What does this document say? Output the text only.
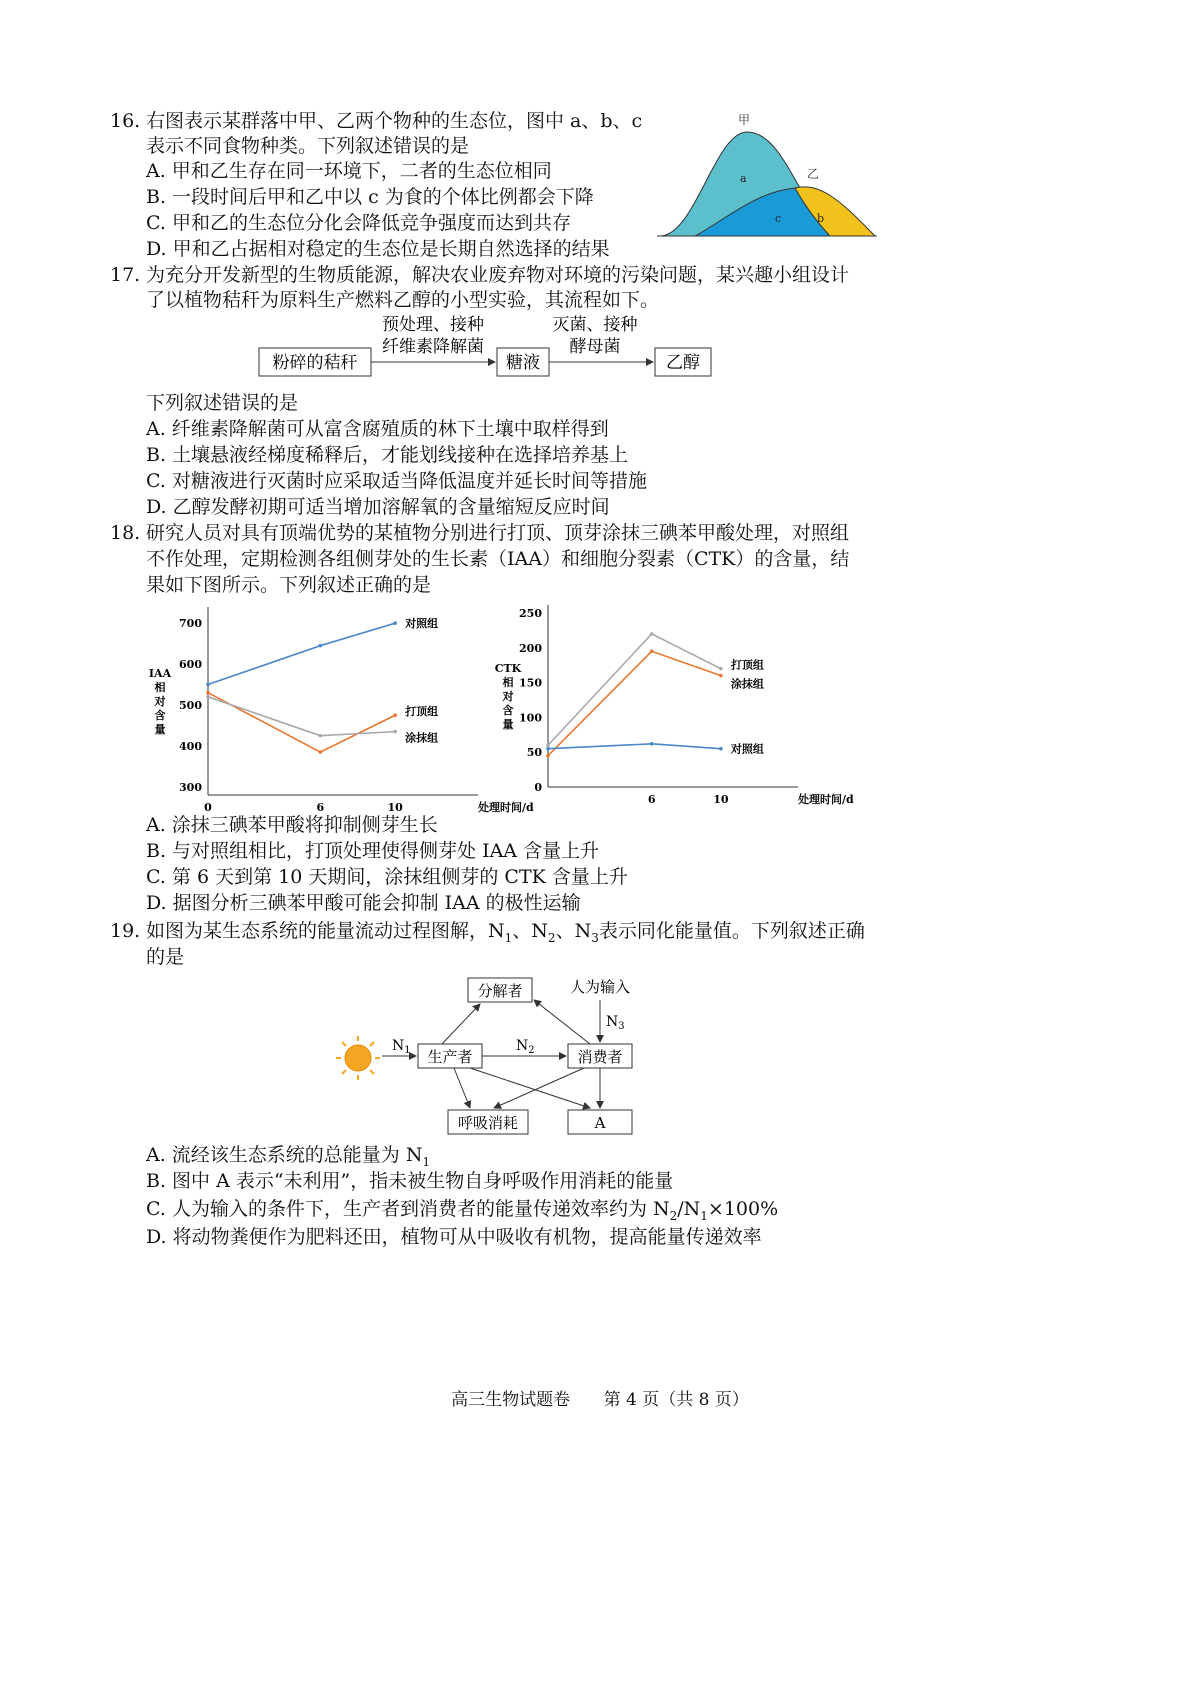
16. 右图表示某群落中甲、乙两个物种的生态位，图中 a、b、c
表示不同食物种类。下列叙述错误的是
A. 甲和乙生存在同一环境下，二者的生态位相同
B. 一段时间后甲和乙中以 c 为食的个体比例都会下降
C. 甲和乙的生态位分化会降低竞争强度而达到共存
D. 甲和乙占据相对稳定的生态位是长期自然选择的结果
甲
乙
a
c	b
17. 为充分开发新型的生物质能源，解决农业废弃物对环境的污染问题，某兴趣小组设计
了以植物秸秆为原料生产燃料乙醇的小型实验，其流程如下。
粉碎的秸秆
预处理、接种
纤维素降解菌
糖液
灭菌、接种
酵母菌
乙醇
下列叙述错误的是
A. 纤维素降解菌可从富含腐殖质的林下土壤中取样得到
B. 土壤悬液经梯度稀释后，才能划线接种在选择培养基上
C. 对糖液进行灭菌时应采取适当降低温度并延长时间等措施
D. 乙醇发酵初期可适当增加溶解氧的含量缩短反应时间
18. 研究人员对具有顶端优势的某植物分别进行打顶、顶芽涂抹三碘苯甲酸处理，对照组
不作处理，定期检测各组侧芽处的生长素（IAA）和细胞分裂素（CTK）的含量，结
果如下图所示。下列叙述正确的是
300
400
500
600
700
0	6	10	处理时间/d
IAA 相对含量
对照组
打顶组
涂抹组
0
50
100
150
200
250
6	10	处理时间/d
CTK 相对含量
打顶组
涂抹组
对照组
A. 涂抹三碘苯甲酸将抑制侧芽生长
B. 与对照组相比，打顶处理使得侧芽处 IAA 含量上升
C. 第 6 天到第 10 天期间，涂抹组侧芽的 CTK 含量上升
D. 据图分析三碘苯甲酸可能会抑制 IAA 的极性运输
19. 如图为某生态系统的能量流动过程图解，$N_1$、$N_2$、$N_3$表示同化能量值。下列叙述正确
的是
分解者	人为输入
生产者	消费者
呼吸消耗	A
$N_1$	$N_2$
$N_3$
A. 流经该生态系统的总能量为 $N_1$
B. 图中 A 表示“未利用”，指未被生物自身呼吸作用消耗的能量
C. 人为输入的条件下，生产者到消费者的能量传递效率约为 $N_2/N_1\times 100\%$
D. 将动物粪便作为肥料还田，植物可从中吸收有机物，提高能量传递效率
高三生物试题卷 第 4 页（共 8 页）
